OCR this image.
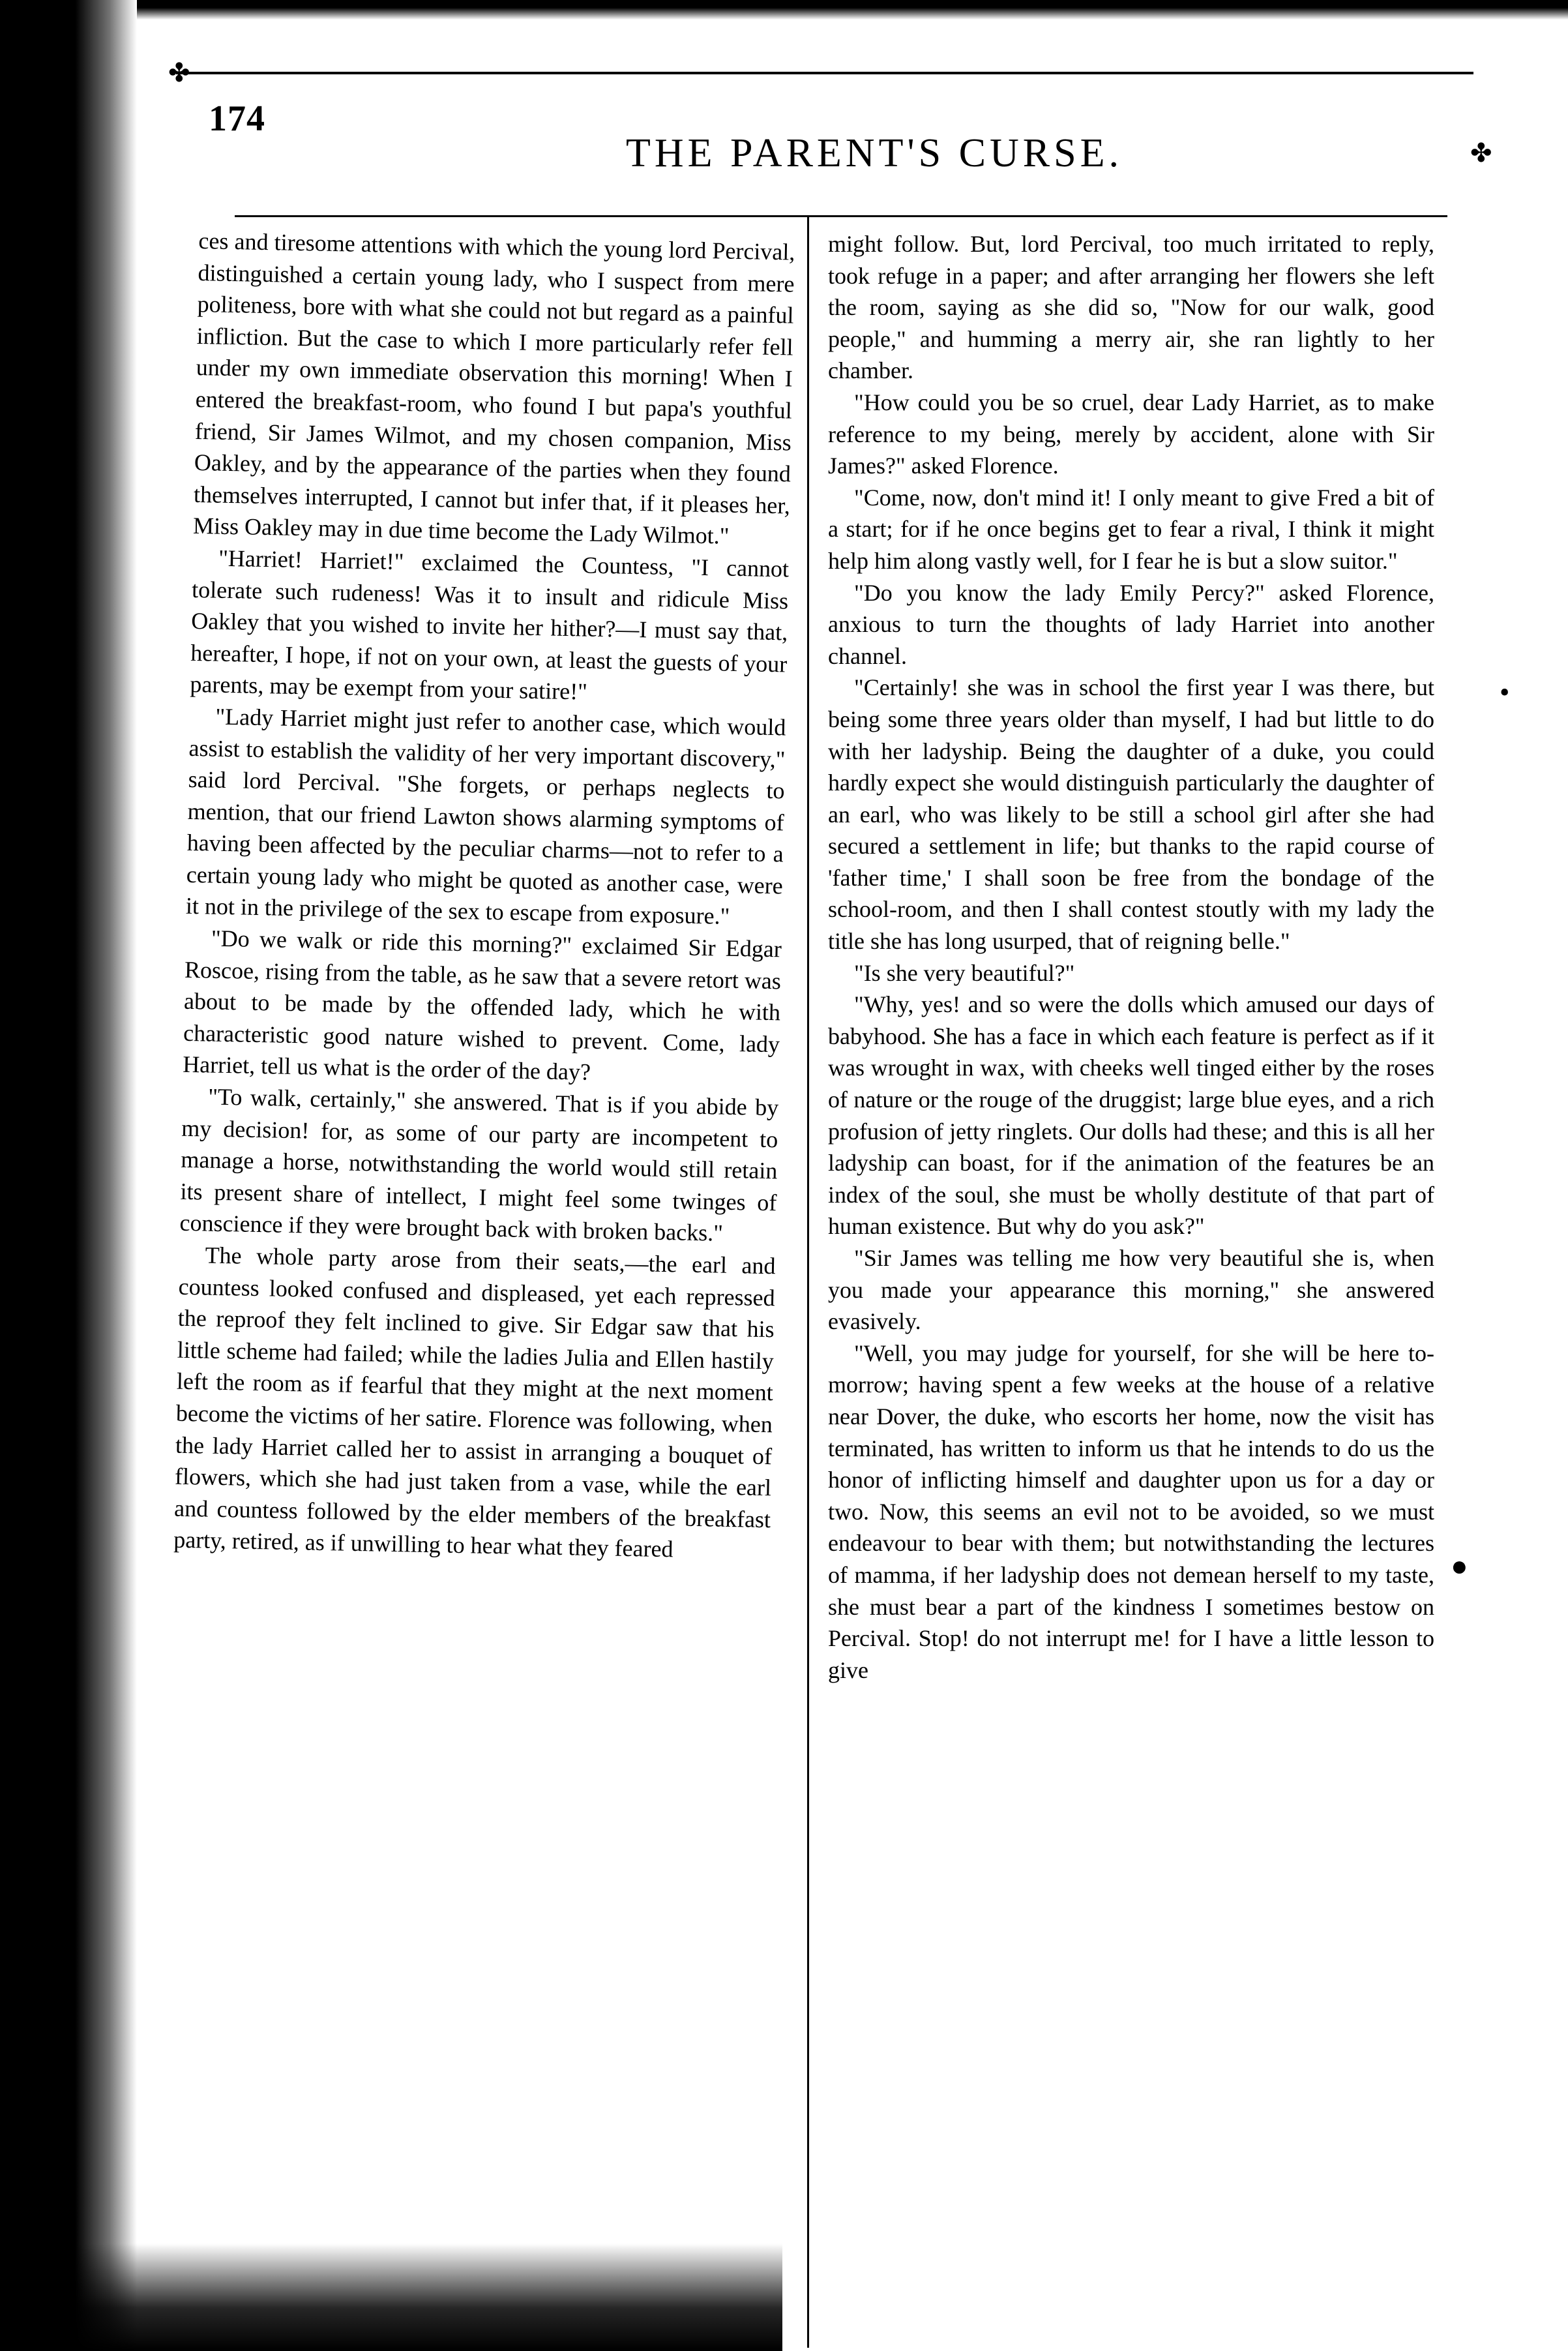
✤
✤
174
THE PARENT'S CURSE.

ces and tiresome attentions with which the young lord Percival, distinguished a certain young lady, who I suspect from mere politeness, bore with what she could not but regard as a painful infliction. But the case to which I more particularly refer fell under my own immediate observation this morning! When I entered the breakfast-room, who found I but papa's youthful friend, Sir James Wilmot, and my chosen companion, Miss Oakley, and by the appearance of the parties when they found themselves interrupted, I cannot but infer that, if it pleases her, Miss Oakley may in due time become the Lady Wilmot."

"Harriet! Harriet!" exclaimed the Countess, "I cannot tolerate such rudeness! Was it to insult and ridicule Miss Oakley that you wished to invite her hither?—I must say that, hereafter, I hope, if not on your own, at least the guests of your parents, may be exempt from your satire!"

"Lady Harriet might just refer to another case, which would assist to establish the validity of her very important discovery," said lord Percival. "She forgets, or perhaps neglects to mention, that our friend Lawton shows alarming symptoms of having been affected by the peculiar charms—not to refer to a certain young lady who might be quoted as another case, were it not in the privilege of the sex to escape from exposure."

"Do we walk or ride this morning?" exclaimed Sir Edgar Roscoe, rising from the table, as he saw that a severe retort was about to be made by the offended lady, which he with characteristic good nature wished to prevent. Come, lady Harriet, tell us what is the order of the day?

"To walk, certainly," she answered. That is if you abide by my decision! for, as some of our party are incompetent to manage a horse, notwithstanding the world would still retain its present share of intellect, I might feel some twinges of conscience if they were brought back with broken backs."

The whole party arose from their seats,—the earl and countess looked confused and displeased, yet each repressed the reproof they felt inclined to give. Sir Edgar saw that his little scheme had failed; while the ladies Julia and Ellen hastily left the room as if fearful that they might at the next moment become the victims of her satire. Florence was following, when the lady Harriet called her to assist in arranging a bouquet of flowers, which she had just taken from a vase, while the earl and countess followed by the elder members of the breakfast party, retired, as if unwilling to hear what they feared

might follow. But, lord Percival, too much irritated to reply, took refuge in a paper; and after arranging her flowers she left the room, saying as she did so, "Now for our walk, good people," and humming a merry air, she ran lightly to her chamber.

"How could you be so cruel, dear Lady Harriet, as to make reference to my being, merely by accident, alone with Sir James?" asked Florence.

"Come, now, don't mind it! I only meant to give Fred a bit of a start; for if he once begins get to fear a rival, I think it might help him along vastly well, for I fear he is but a slow suitor."

"Do you know the lady Emily Percy?" asked Florence, anxious to turn the thoughts of lady Harriet into another channel.

"Certainly! she was in school the first year I was there, but being some three years older than myself, I had but little to do with her ladyship. Being the daughter of a duke, you could hardly expect she would distinguish particularly the daughter of an earl, who was likely to be still a school girl after she had secured a settlement in life; but thanks to the rapid course of 'father time,' I shall soon be free from the bondage of the school-room, and then I shall contest stoutly with my lady the title she has long usurped, that of reigning belle."

"Is she very beautiful?"

"Why, yes! and so were the dolls which amused our days of babyhood. She has a face in which each feature is perfect as if it was wrought in wax, with cheeks well tinged either by the roses of nature or the rouge of the druggist; large blue eyes, and a rich profusion of jetty ringlets. Our dolls had these; and this is all her ladyship can boast, for if the animation of the features be an index of the soul, she must be wholly destitute of that part of human existence. But why do you ask?"

"Sir James was telling me how very beautiful she is, when you made your appearance this morning," she answered evasively.

"Well, you may judge for yourself, for she will be here to-morrow; having spent a few weeks at the house of a relative near Dover, the duke, who escorts her home, now the visit has terminated, has written to inform us that he intends to do us the honor of inflicting himself and daughter upon us for a day or two. Now, this seems an evil not to be avoided, so we must endeavour to bear with them; but notwithstanding the lectures of mamma, if her ladyship does not demean herself to my taste, she must bear a part of the kindness I sometimes bestow on Percival. Stop! do not interrupt me! for I have a little lesson to give

•
●
